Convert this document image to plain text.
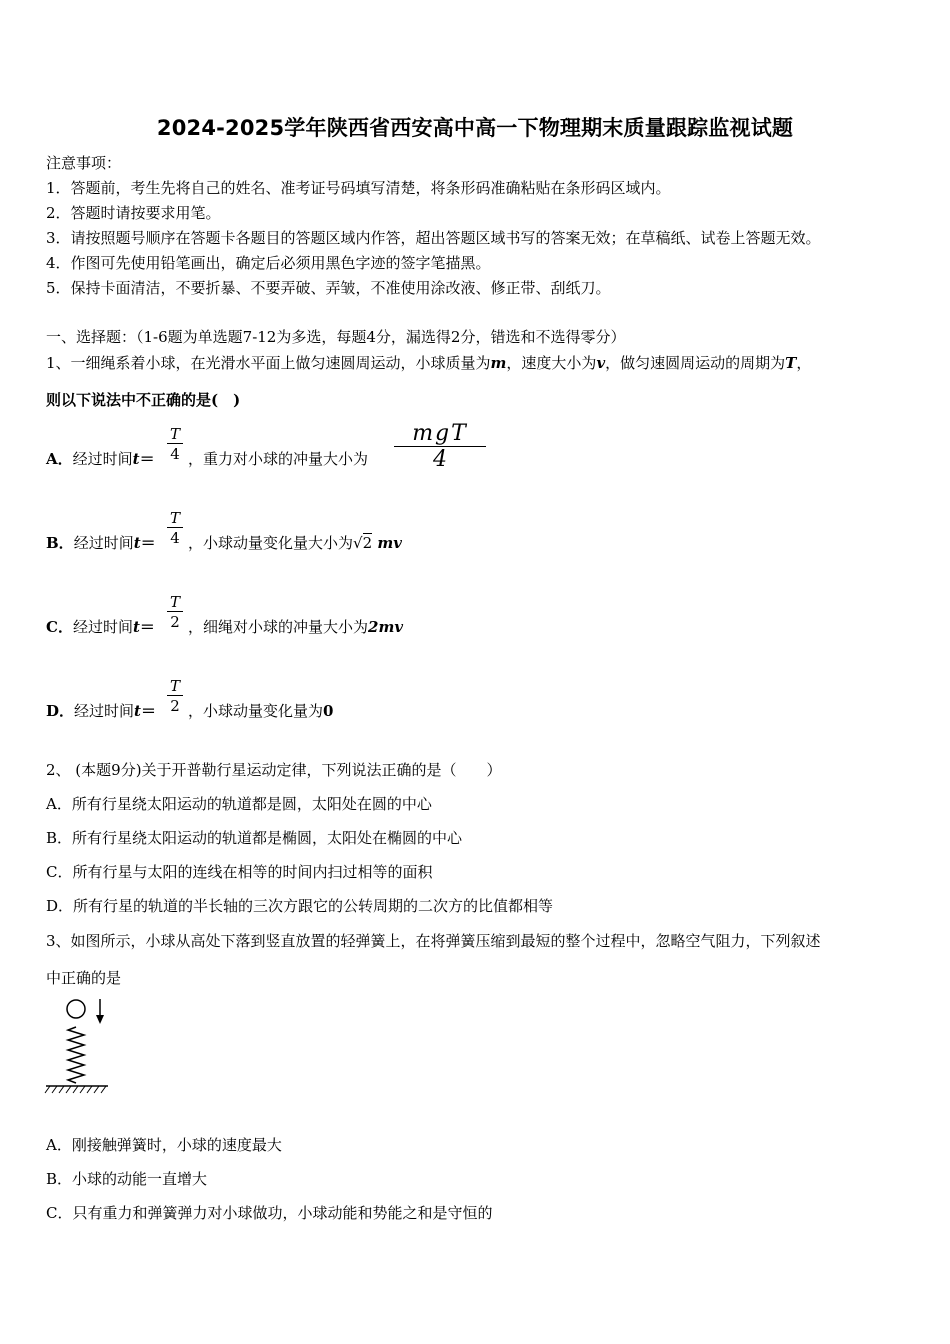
2024-2025学年陕西省西安高中高一下物理期末质量跟踪监视试题
注意事项：
1．答题前，考生先将自己的姓名、准考证号码填写清楚，将条形码准确粘贴在条形码区域内。
2．答题时请按要求用笔。
3．请按照题号顺序在答题卡各题目的答题区域内作答，超出答题区域书写的答案无效；在草稿纸、试卷上答题无效。
4．作图可先使用铅笔画出，确定后必须用黑色字迹的签字笔描黑。
5．保持卡面清洁，不要折暴、不要弄破、弄皱，不准使用涂改液、修正带、刮纸刀。
一、选择题：（1-6题为单选题7-12为多选，每题4分，漏选得2分，错选和不选得零分）
1、一细绳系着小球，在光滑水平面上做匀速圆周运动，小球质量为m，速度大小为v，做匀速圆周运动的周期为T，
则以下说法中不正确的是(　)
A．经过时间t＝
T
4 ，重力对小球的冲量大小为
mgT
4
B．经过时间t＝
T
4 ，小球动量变化量大小为√2 mv
C．经过时间t＝
T
2 ，细绳对小球的冲量大小为2mv
D．经过时间t＝
T
2 ，小球动量变化量为0
2、 (本题9分)关于开普勒行星运动定律，下列说法正确的是（　　）
A．所有行星绕太阳运动的轨道都是圆，太阳处在圆的中心
B．所有行星绕太阳运动的轨道都是椭圆，太阳处在椭圆的中心
C．所有行星与太阳的连线在相等的时间内扫过相等的面积
D．所有行星的轨道的半长轴的三次方跟它的公转周期的二次方的比值都相等
3、如图所示，小球从高处下落到竖直放置的轻弹簧上，在将弹簧压缩到最短的整个过程中，忽略空气阻力，下列叙述
中正确的是
A．刚接触弹簧时，小球的速度最大
B．小球的动能一直增大
C．只有重力和弹簧弹力对小球做功，小球动能和势能之和是守恒的
